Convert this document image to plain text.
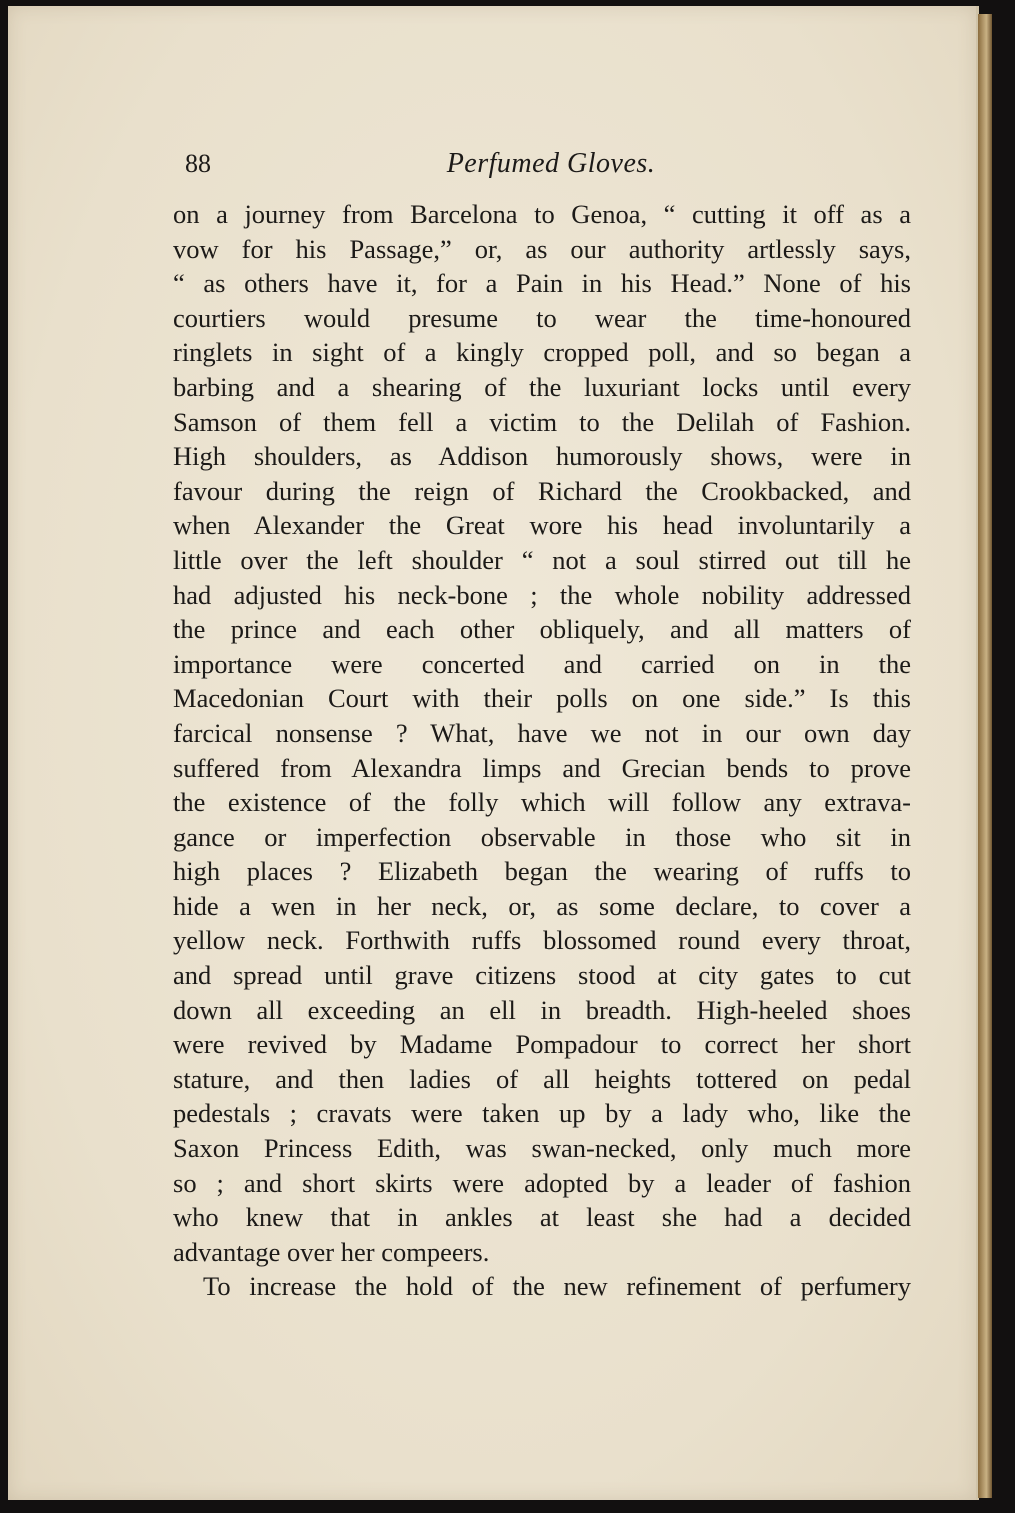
88	Perfumed Gloves.
on a journey from Barcelona to Genoa, “ cutting it off as a
vow for his Passage,” or, as our authority artlessly says,
“ as others have it, for a Pain in his Head.” None of his
courtiers would presume to wear the time-honoured
ringlets in sight of a kingly cropped poll, and so began a
barbing and a shearing of the luxuriant locks until every
Samson of them fell a victim to the Delilah of Fashion.
High shoulders, as Addison humorously shows, were in
favour during the reign of Richard the Crookbacked, and
when Alexander the Great wore his head involuntarily a
little over the left shoulder “ not a soul stirred out till he
had adjusted his neck-bone ; the whole nobility addressed
the prince and each other obliquely, and all matters of
importance were concerted and carried on in the
Macedonian Court with their polls on one side.” Is this
farcical nonsense ? What, have we not in our own day
suffered from Alexandra limps and Grecian bends to prove
the existence of the folly which will follow any extrava-
gance or imperfection observable in those who sit in
high places ? Elizabeth began the wearing of ruffs to
hide a wen in her neck, or, as some declare, to cover a
yellow neck. Forthwith ruffs blossomed round every throat,
and spread until grave citizens stood at city gates to cut
down all exceeding an ell in breadth. High-heeled shoes
were revived by Madame Pompadour to correct her short
stature, and then ladies of all heights tottered on pedal
pedestals ; cravats were taken up by a lady who, like the
Saxon Princess Edith, was swan-necked, only much more
so ; and short skirts were adopted by a leader of fashion
who knew that in ankles at least she had a decided
advantage over her compeers.
To increase the hold of the new refinement of perfumery
